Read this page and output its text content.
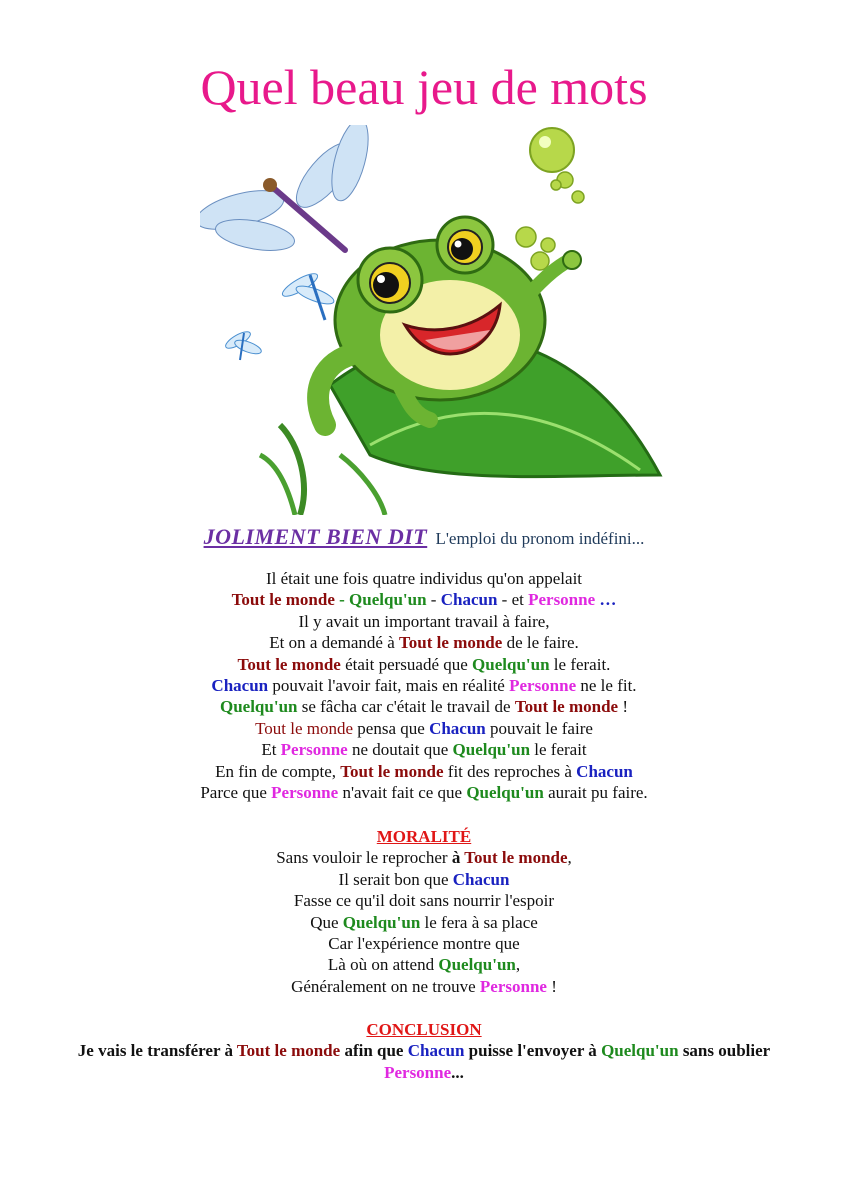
Quel beau jeu de mots
JOLIMENT BIEN DIT L'emploi du pronom indéfini...
Il était une fois quatre individus qu'on appelait
Tout le monde - Quelqu'un - Chacun - et Personne …
Il y avait un important travail à faire,
Et on a demandé à Tout le monde de le faire.
Tout le monde était persuadé que Quelqu'un le ferait.
Chacun pouvait l'avoir fait, mais en réalité Personne ne le fit.
Quelqu'un se fâcha car c'était le travail de Tout le monde !
Tout le monde pensa que Chacun pouvait le faire
Et Personne ne doutait que Quelqu'un le ferait
En fin de compte, Tout le monde fit des reproches à Chacun
Parce que Personne n'avait fait ce que Quelqu'un aurait pu faire.
MORALITÉ
Sans vouloir le reprocher à Tout le monde,
Il serait bon que Chacun
Fasse ce qu'il doit sans nourrir l'espoir
Que Quelqu'un le fera à sa place
Car l'expérience montre que
Là où on attend Quelqu'un,
Généralement on ne trouve Personne !
CONCLUSION
Je vais le transférer à Tout le monde afin que Chacun puisse l'envoyer à Quelqu'un sans oublier
Personne...
